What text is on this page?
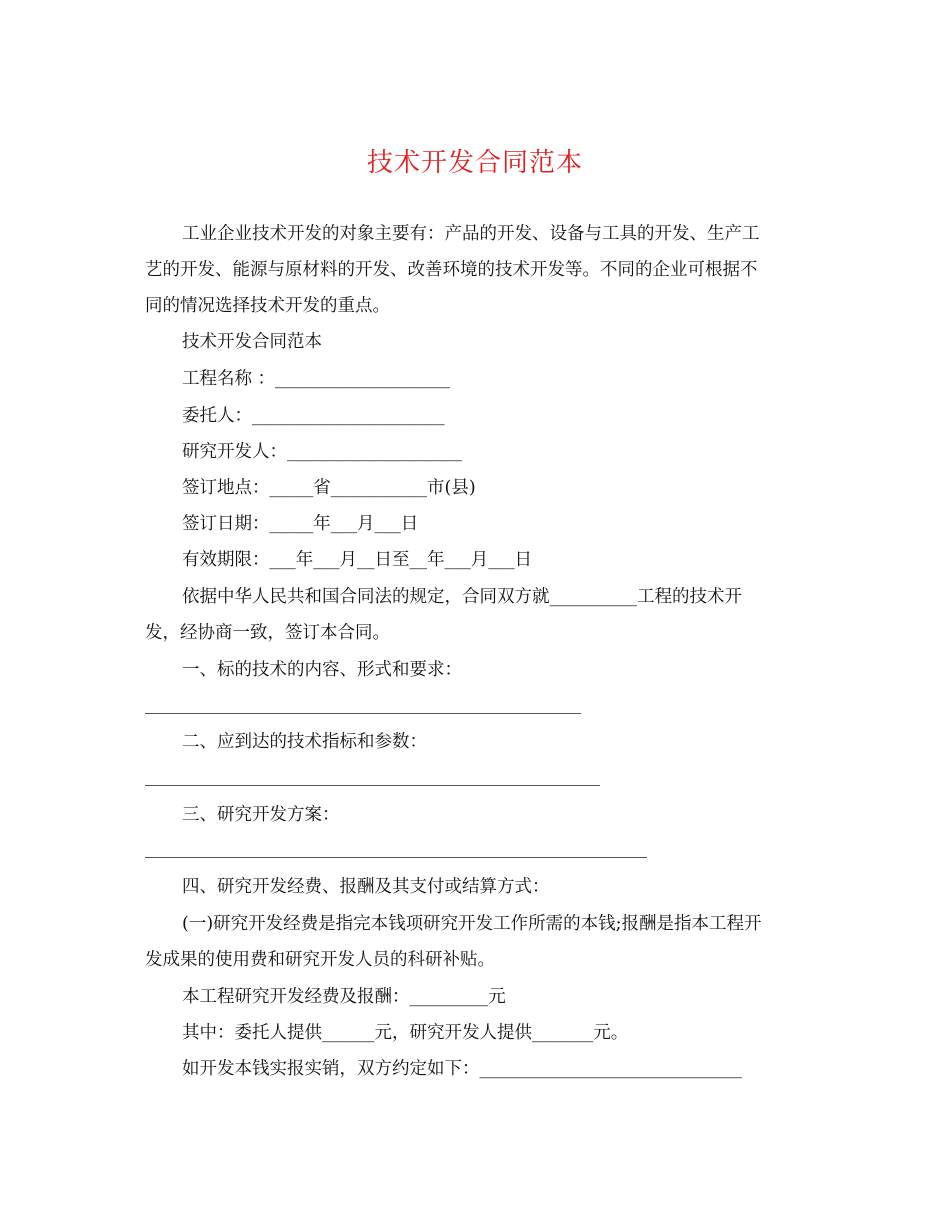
技术开发合同范本
工业企业技术开发的对象主要有：产品的开发、设备与工具的开发、生产工
艺的开发、能源与原材料的开发、改善环境的技术开发等。不同的企业可根据不
同的情况选择技术开发的重点。
技术开发合同范本
工程名称 ：____________________
委托人：______________________
研究开发人：____________________
签订地点：_____省___________市(县)
签订日期：_____年___月___日
有效期限：___年___月__日至__年___月___日
依据中华人民共和国合同法的规定，合同双方就__________工程的技术开
发，经协商一致，签订本合同。
一、标的技术的内容、形式和要求：
二、应到达的技术指标和参数：
三、研究开发方案：
四、研究开发经费、报酬及其支付或结算方式：
(一)研究开发经费是指完本钱项研究开发工作所需的本钱;报酬是指本工程开
发成果的使用费和研究开发人员的科研补贴。
本工程研究开发经费及报酬：_________元
其中：委托人提供______元，研究开发人提供_______元。
如开发本钱实报实销，双方约定如下：______________________________
